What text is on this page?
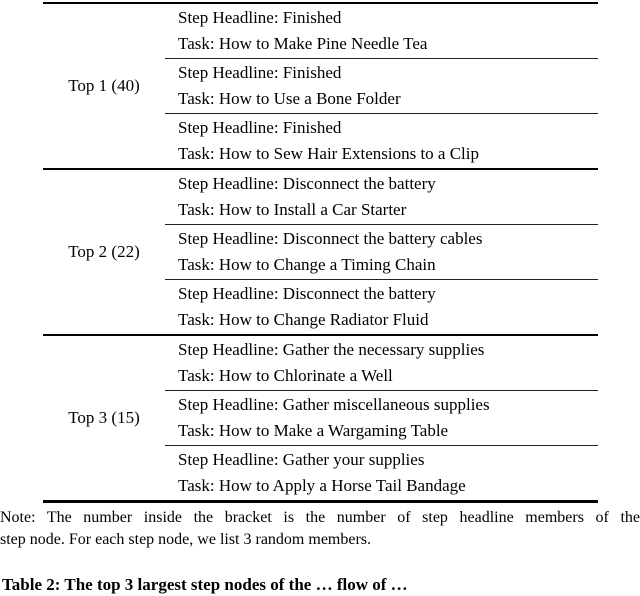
Top 1 (40)
Step Headline: Finished
Task: How to Make Pine Needle Tea
Step Headline: Finished
Task: How to Use a Bone Folder
Step Headline: Finished
Task: How to Sew Hair Extensions to a Clip
Top 2 (22)
Step Headline: Disconnect the battery
Task: How to Install a Car Starter
Step Headline: Disconnect the battery cables
Task: How to Change a Timing Chain
Step Headline: Disconnect the battery
Task: How to Change Radiator Fluid
Top 3 (15)
Step Headline: Gather the necessary supplies
Task: How to Chlorinate a Well
Step Headline: Gather miscellaneous supplies
Task: How to Make a Wargaming Table
Step Headline: Gather your supplies
Task: How to Apply a Horse Tail Bandage
Note: The number inside the bracket is the number of step headline members of the
step node. For each step node, we list 3 random members.
Table 2: The top 3 largest step nodes of the … flow of …
